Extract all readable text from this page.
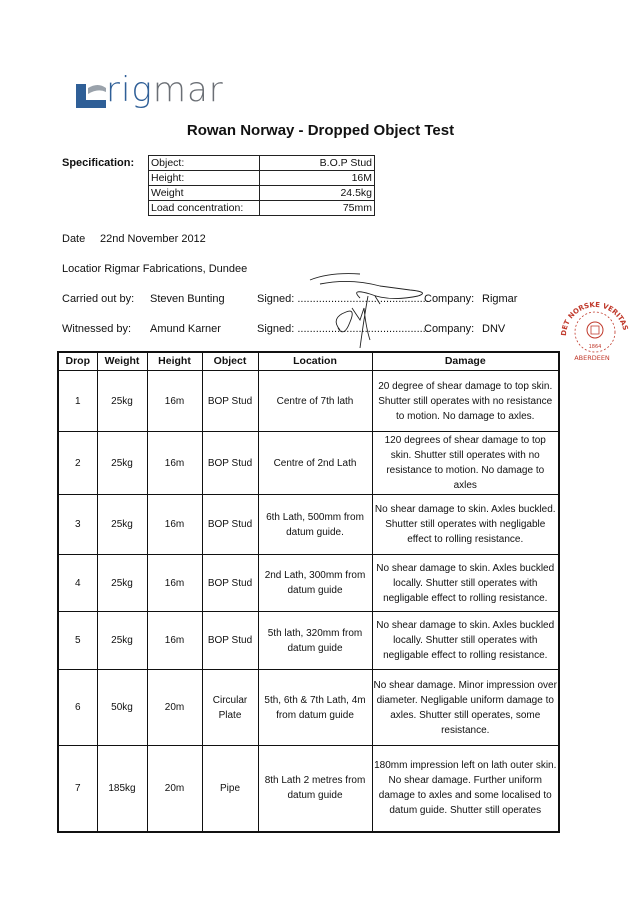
rigmar
Rowan Norway - Dropped Object Test
Specification: Object:	B.O.P Stud
Height:	16M
Weight	24.5kg
Load concentration:	75mm
Date 22nd November 2012
Locatior Rigmar Fabrications, Dundee
Carried out by: Steven Bunting	Signed: ...........................................
Company: Rigmar
Witnessed by: Amund Karner	Signed: ...........................................
Company: DNV	DET NORSKE VERITAS
1864
ABERDEEN
Drop	Weight	Height	Object	Location	Damage
1	25kg	16m	BOP Stud	Centre of 7th lath	20 degree of shear damage to top skin. Shutter still operates with no resistance to motion. No damage to axles.
2	25kg	16m	BOP Stud	Centre of 2nd Lath	120 degrees of shear damage to top skin. Shutter still operates with no resistance to motion. No damage to axles
3	25kg	16m	BOP Stud	6th Lath, 500mm from datum guide.	No shear damage to skin. Axles buckled. Shutter still operates with negligable effect to rolling resistance.
4	25kg	16m	BOP Stud	2nd Lath, 300mm from datum guide	No shear damage to skin. Axles buckled locally. Shutter still operates with negligable effect to rolling resistance.
5	25kg	16m	BOP Stud	5th lath, 320mm from datum guide	No shear damage to skin. Axles buckled locally. Shutter still operates with negligable effect to rolling resistance.
6	50kg	20m	Circular Plate	5th, 6th & 7th Lath, 4m from datum guide	No shear damage. Minor impression over diameter. Negligable uniform damage to axles. Shutter still operates, some resistance.
7	185kg	20m	Pipe	8th Lath 2 metres from datum guide	180mm impression left on lath outer skin. No shear damage. Further uniform damage to axles and some localised to datum guide. Shutter still operates
